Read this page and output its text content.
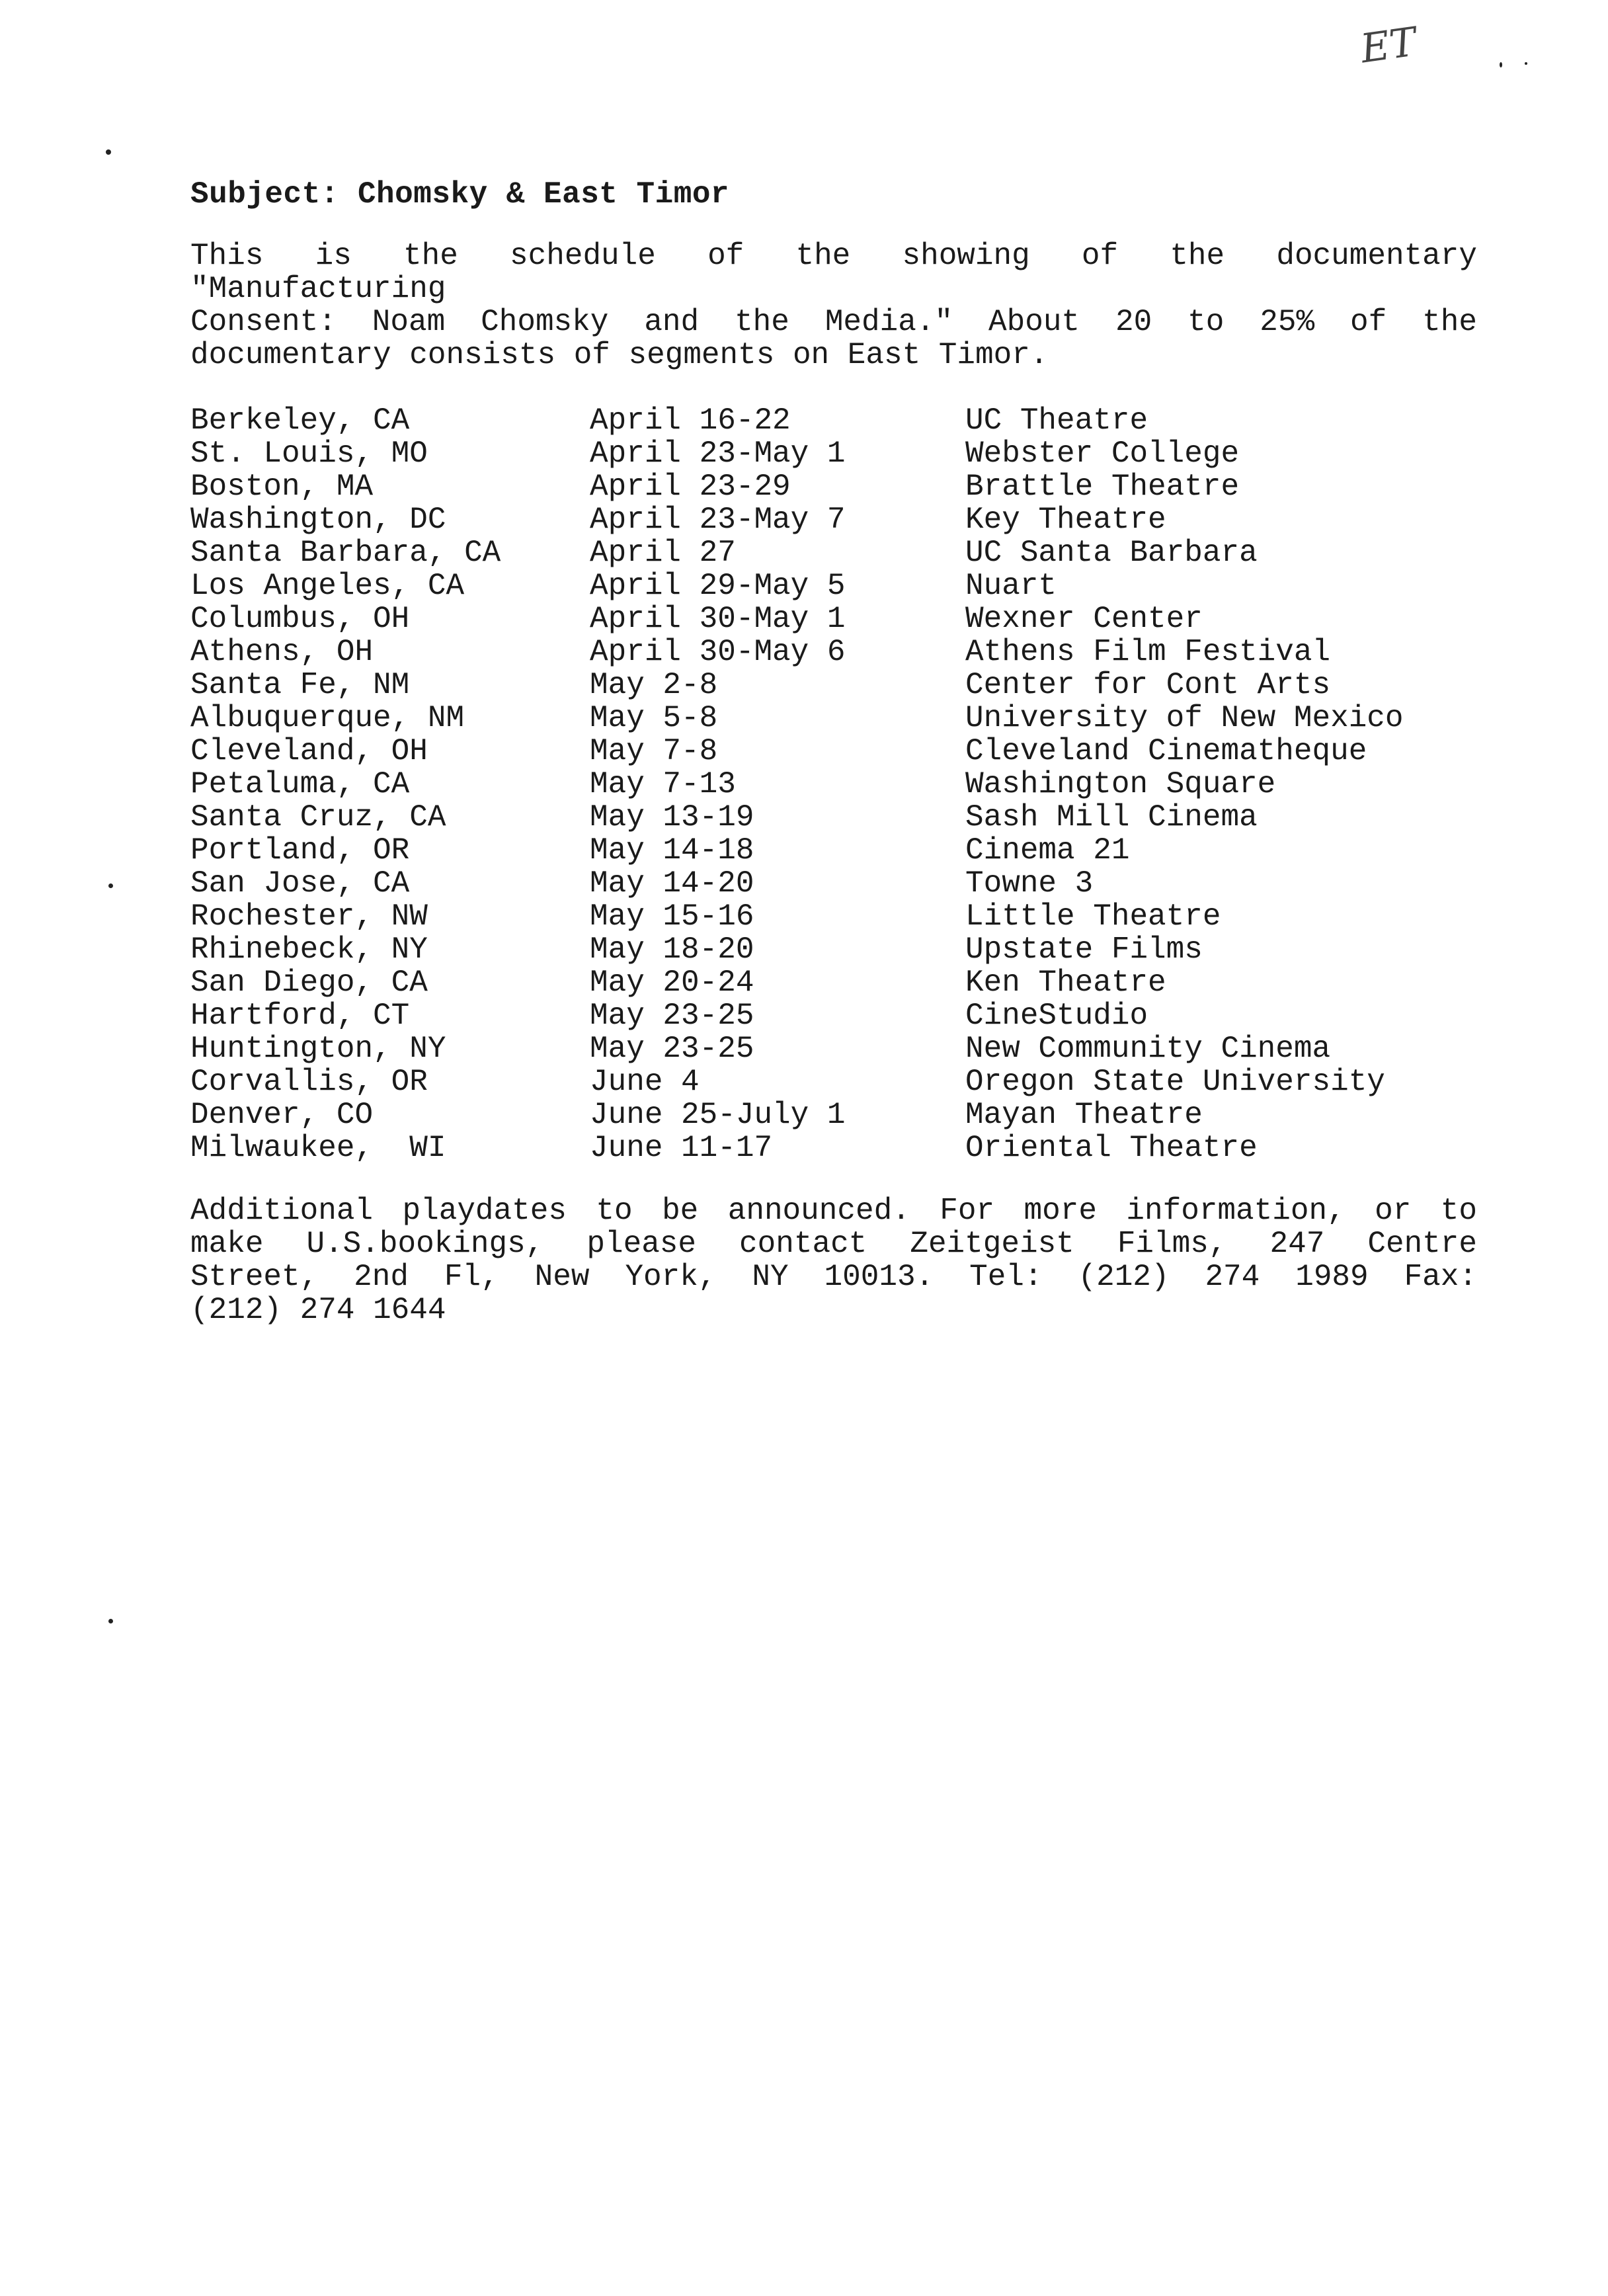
ET
Subject: Chomsky & East Timor
This is the schedule of the showing of the documentary
"Manufacturing
Consent: Noam Chomsky and the Media." About 20 to 25% of the
documentary consists of segments on East Timor.
Berkeley, CA	April 16-22	UC Theatre
St. Louis, MO	April 23-May 1	Webster College
Boston, MA	April 23-29	Brattle Theatre
Washington, DC	April 23-May 7	Key Theatre
Santa Barbara, CA	April 27	UC Santa Barbara
Los Angeles, CA	April 29-May 5	Nuart
Columbus, OH	April 30-May 1	Wexner Center
Athens, OH	April 30-May 6	Athens Film Festival
Santa Fe, NM	May 2-8	Center for Cont Arts
Albuquerque, NM	May 5-8	University of New Mexico
Cleveland, OH	May 7-8	Cleveland Cinematheque
Petaluma, CA	May 7-13	Washington Square
Santa Cruz, CA	May 13-19	Sash Mill Cinema
Portland, OR	May 14-18	Cinema 21
San Jose, CA	May 14-20	Towne 3
Rochester, NW	May 15-16	Little Theatre
Rhinebeck, NY	May 18-20	Upstate Films
San Diego, CA	May 20-24	Ken Theatre
Hartford, CT	May 23-25	CineStudio
Huntington, NY	May 23-25	New Community Cinema
Corvallis, OR	June 4	Oregon State University
Denver, CO	June 25-July 1	Mayan Theatre
Milwaukee,  WI	June 11-17	Oriental Theatre
Additional playdates to be announced. For more information, or to
make U.S.bookings, please contact Zeitgeist Films, 247 Centre
Street, 2nd Fl, New York, NY 10013. Tel: (212) 274 1989 Fax:
(212) 274 1644
